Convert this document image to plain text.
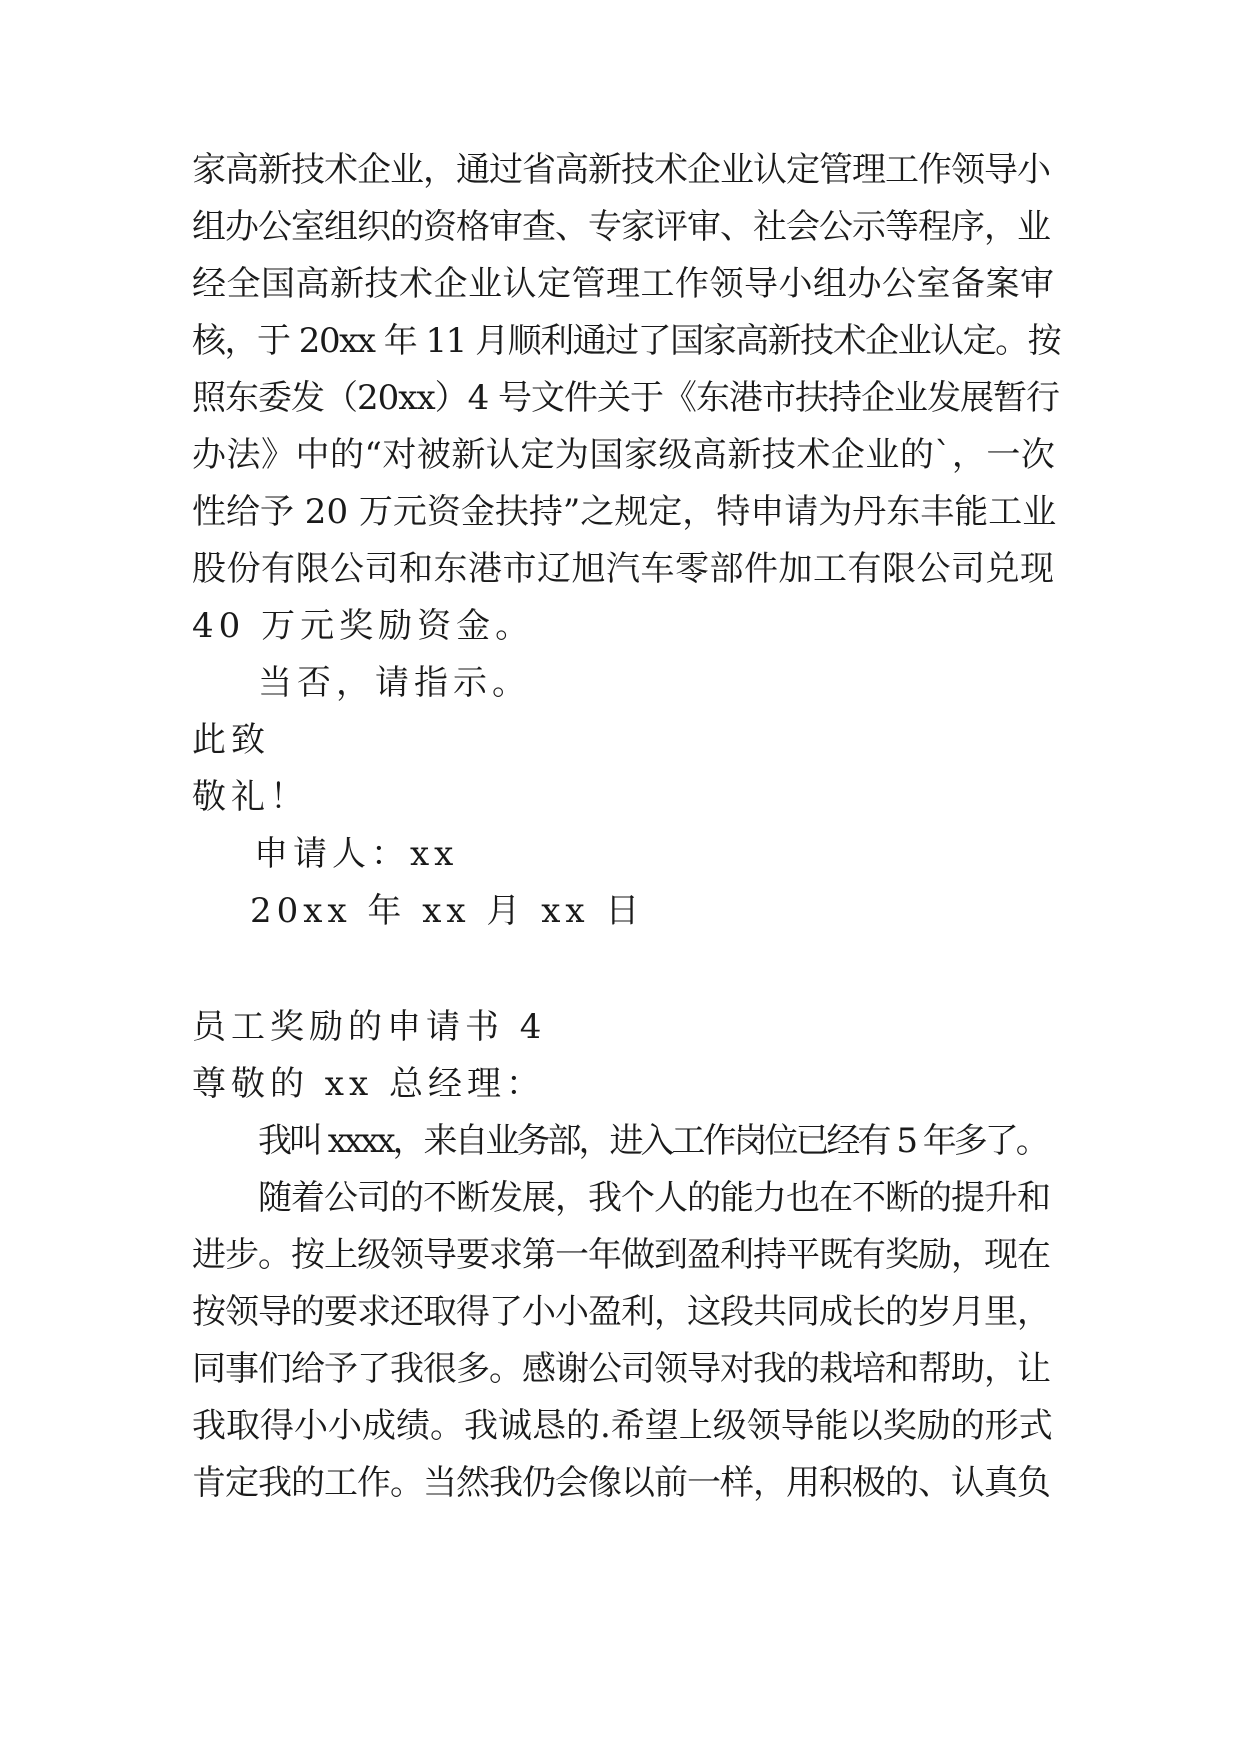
家高新技术企业，通过省高新技术企业认定管理工作领导小
组办公室组织的资格审查、专家评审、社会公示等程序，业
经全国高新技术企业认定管理工作领导小组办公室备案审
核，于 20xx 年 11 月顺利通过了国家高新技术企业认定。按
照东委发（20xx）4 号文件关于《东港市扶持企业发展暂行
办法》中的“对被新认定为国家级高新技术企业的`，一次
性给予 20 万元资金扶持”之规定，特申请为丹东丰能工业
股份有限公司和东港市辽旭汽车零部件加工有限公司兑现
40 万元奖励资金。
当否，请指示。
此致
敬礼！
申请人：xx
20xx 年 xx 月 xx 日
员工奖励的申请书 4
尊敬的 xx 总经理：
我叫 xxxx，来自业务部，进入工作岗位已经有 5 年多了。
随着公司的不断发展，我个人的能力也在不断的提升和
进步。按上级领导要求第一年做到盈利持平既有奖励，现在
按领导的要求还取得了小小盈利，这段共同成长的岁月里，
同事们给予了我很多。感谢公司领导对我的栽培和帮助，让
我取得小小成绩。我诚恳的.希望上级领导能以奖励的形式
肯定我的工作。当然我仍会像以前一样，用积极的、认真负
